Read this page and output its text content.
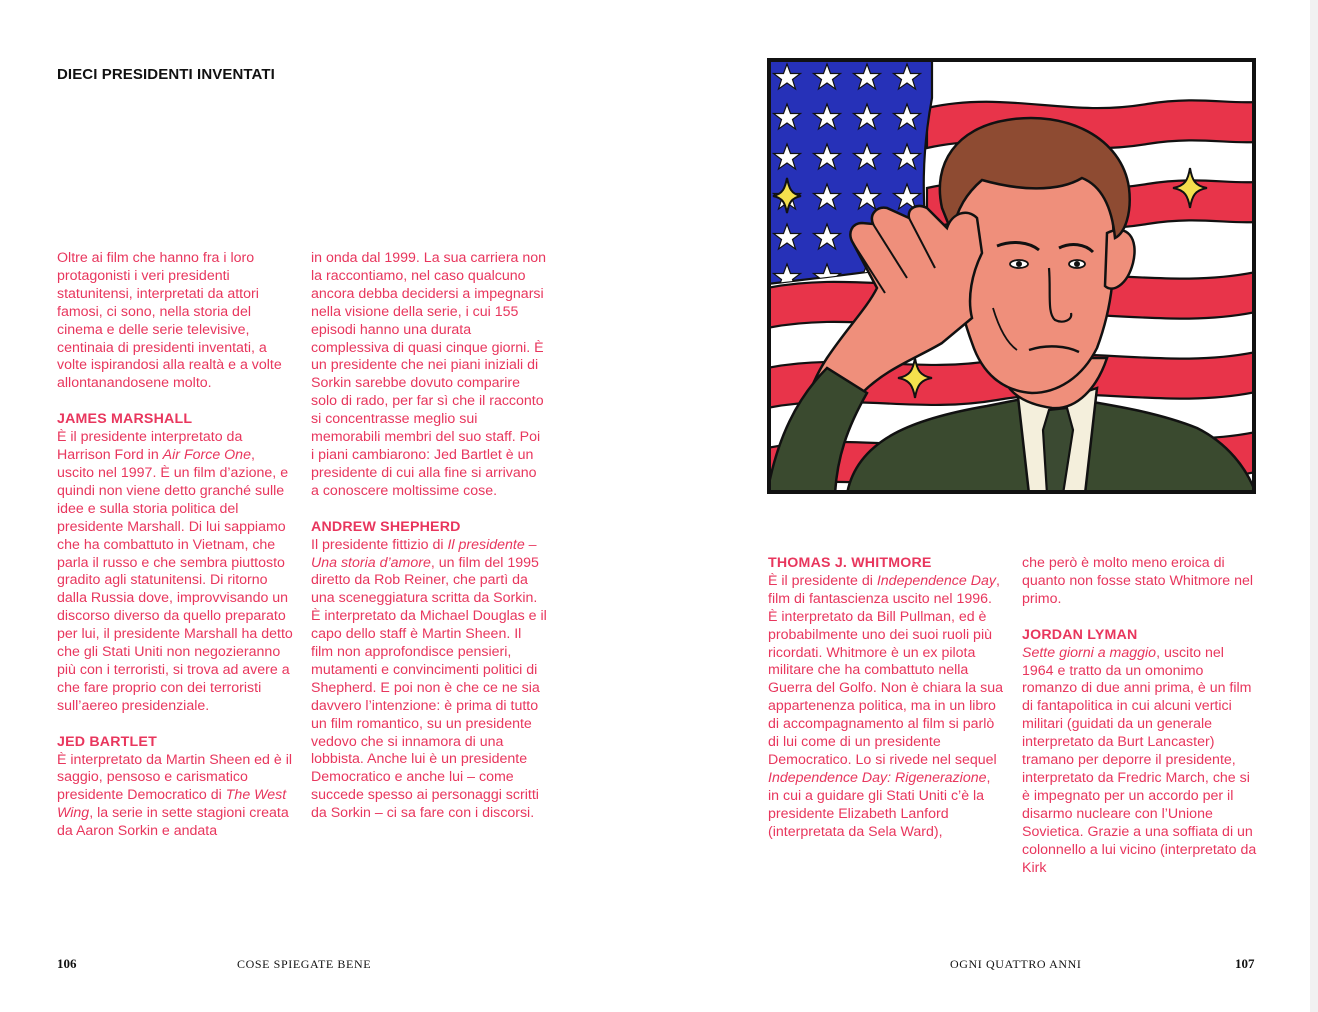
DIECI PRESIDENTI INVENTATI

Oltre ai film che hanno fra i loro protagonisti i veri presidenti statunitensi, interpretati da attori famosi, ci sono, nella storia del cinema e delle serie televisive, centinaia di presidenti inventati, a volte ispirandosi alla realtà e a volte allontanandosene molto.

JAMES MARSHALL

È il presidente interpretato da Harrison Ford in Air Force One, uscito nel 1997. È un film d’azione, e quindi non viene detto granché sulle idee e sulla storia politica del presidente Marshall. Di lui sappiamo che ha combattuto in Vietnam, che parla il russo e che sembra piuttosto gradito agli statunitensi. Di ritorno dalla Russia dove, improvvisando un discorso diverso da quello preparato per lui, il presidente Marshall ha detto che gli Stati Uniti non negozieranno più con i terroristi, si trova ad avere a che fare proprio con dei terroristi sull’aereo presidenziale.

JED BARTLET

È interpretato da Martin Sheen ed è il saggio, pensoso e carismatico presidente Democratico di The West Wing, la serie in sette stagioni creata da Aaron Sorkin e andata

in onda dal 1999. La sua carriera non la raccontiamo, nel caso qualcuno ancora debba decidersi a impegnarsi nella visione della serie, i cui 155 episodi hanno una durata complessiva di quasi cinque giorni. È un presidente che nei piani iniziali di Sorkin sarebbe dovuto comparire solo di rado, per far sì che il racconto si concentrasse meglio sui memorabili membri del suo staff. Poi i piani cambiarono: Jed Bartlet è un presidente di cui alla fine si arrivano a conoscere moltissime cose.

ANDREW SHEPHERD

Il presidente fittizio di Il presidente – Una storia d’amore, un film del 1995 diretto da Rob Reiner, che partì da una sceneggiatura scritta da Sorkin. È interpretato da Michael Douglas e il capo dello staff è Martin Sheen. Il film non approfondisce pensieri, mutamenti e convincimenti politici di Shepherd. E poi non è che ce ne sia davvero l’intenzione: è prima di tutto un film romantico, su un presidente vedovo che si innamora di una lobbista. Anche lui è un presidente Democratico e anche lui – come succede spesso ai personaggi scritti da Sorkin – ci sa fare con i discorsi.

106	COSE SPIEGATE BENE

THOMAS J. WHITMORE

È il presidente di Independence Day, film di fantascienza uscito nel 1996. È interpretato da Bill Pullman, ed è probabilmente uno dei suoi ruoli più ricordati. Whitmore è un ex pilota militare che ha combattuto nella Guerra del Golfo. Non è chiara la sua appartenenza politica, ma in un libro di accompagnamento al film si parlò di lui come di un presidente Democratico. Lo si rivede nel sequel Independence Day: Rigenerazione, in cui a guidare gli Stati Uniti c’è la presidente Elizabeth Lanford (interpretata da Sela Ward),

che però è molto meno eroica di quanto non fosse stato Whitmore nel primo.

JORDAN LYMAN

Sette giorni a maggio, uscito nel 1964 e tratto da un omonimo romanzo di due anni prima, è un film di fantapolitica in cui alcuni vertici militari (guidati da un generale interpretato da Burt Lancaster) tramano per deporre il presidente, interpretato da Fredric March, che si è impegnato per un accordo per il disarmo nucleare con l’Unione Sovietica. Grazie a una soffiata di un colonnello a lui vicino (interpretato da Kirk

OGNI QUATTRO ANNI	107
